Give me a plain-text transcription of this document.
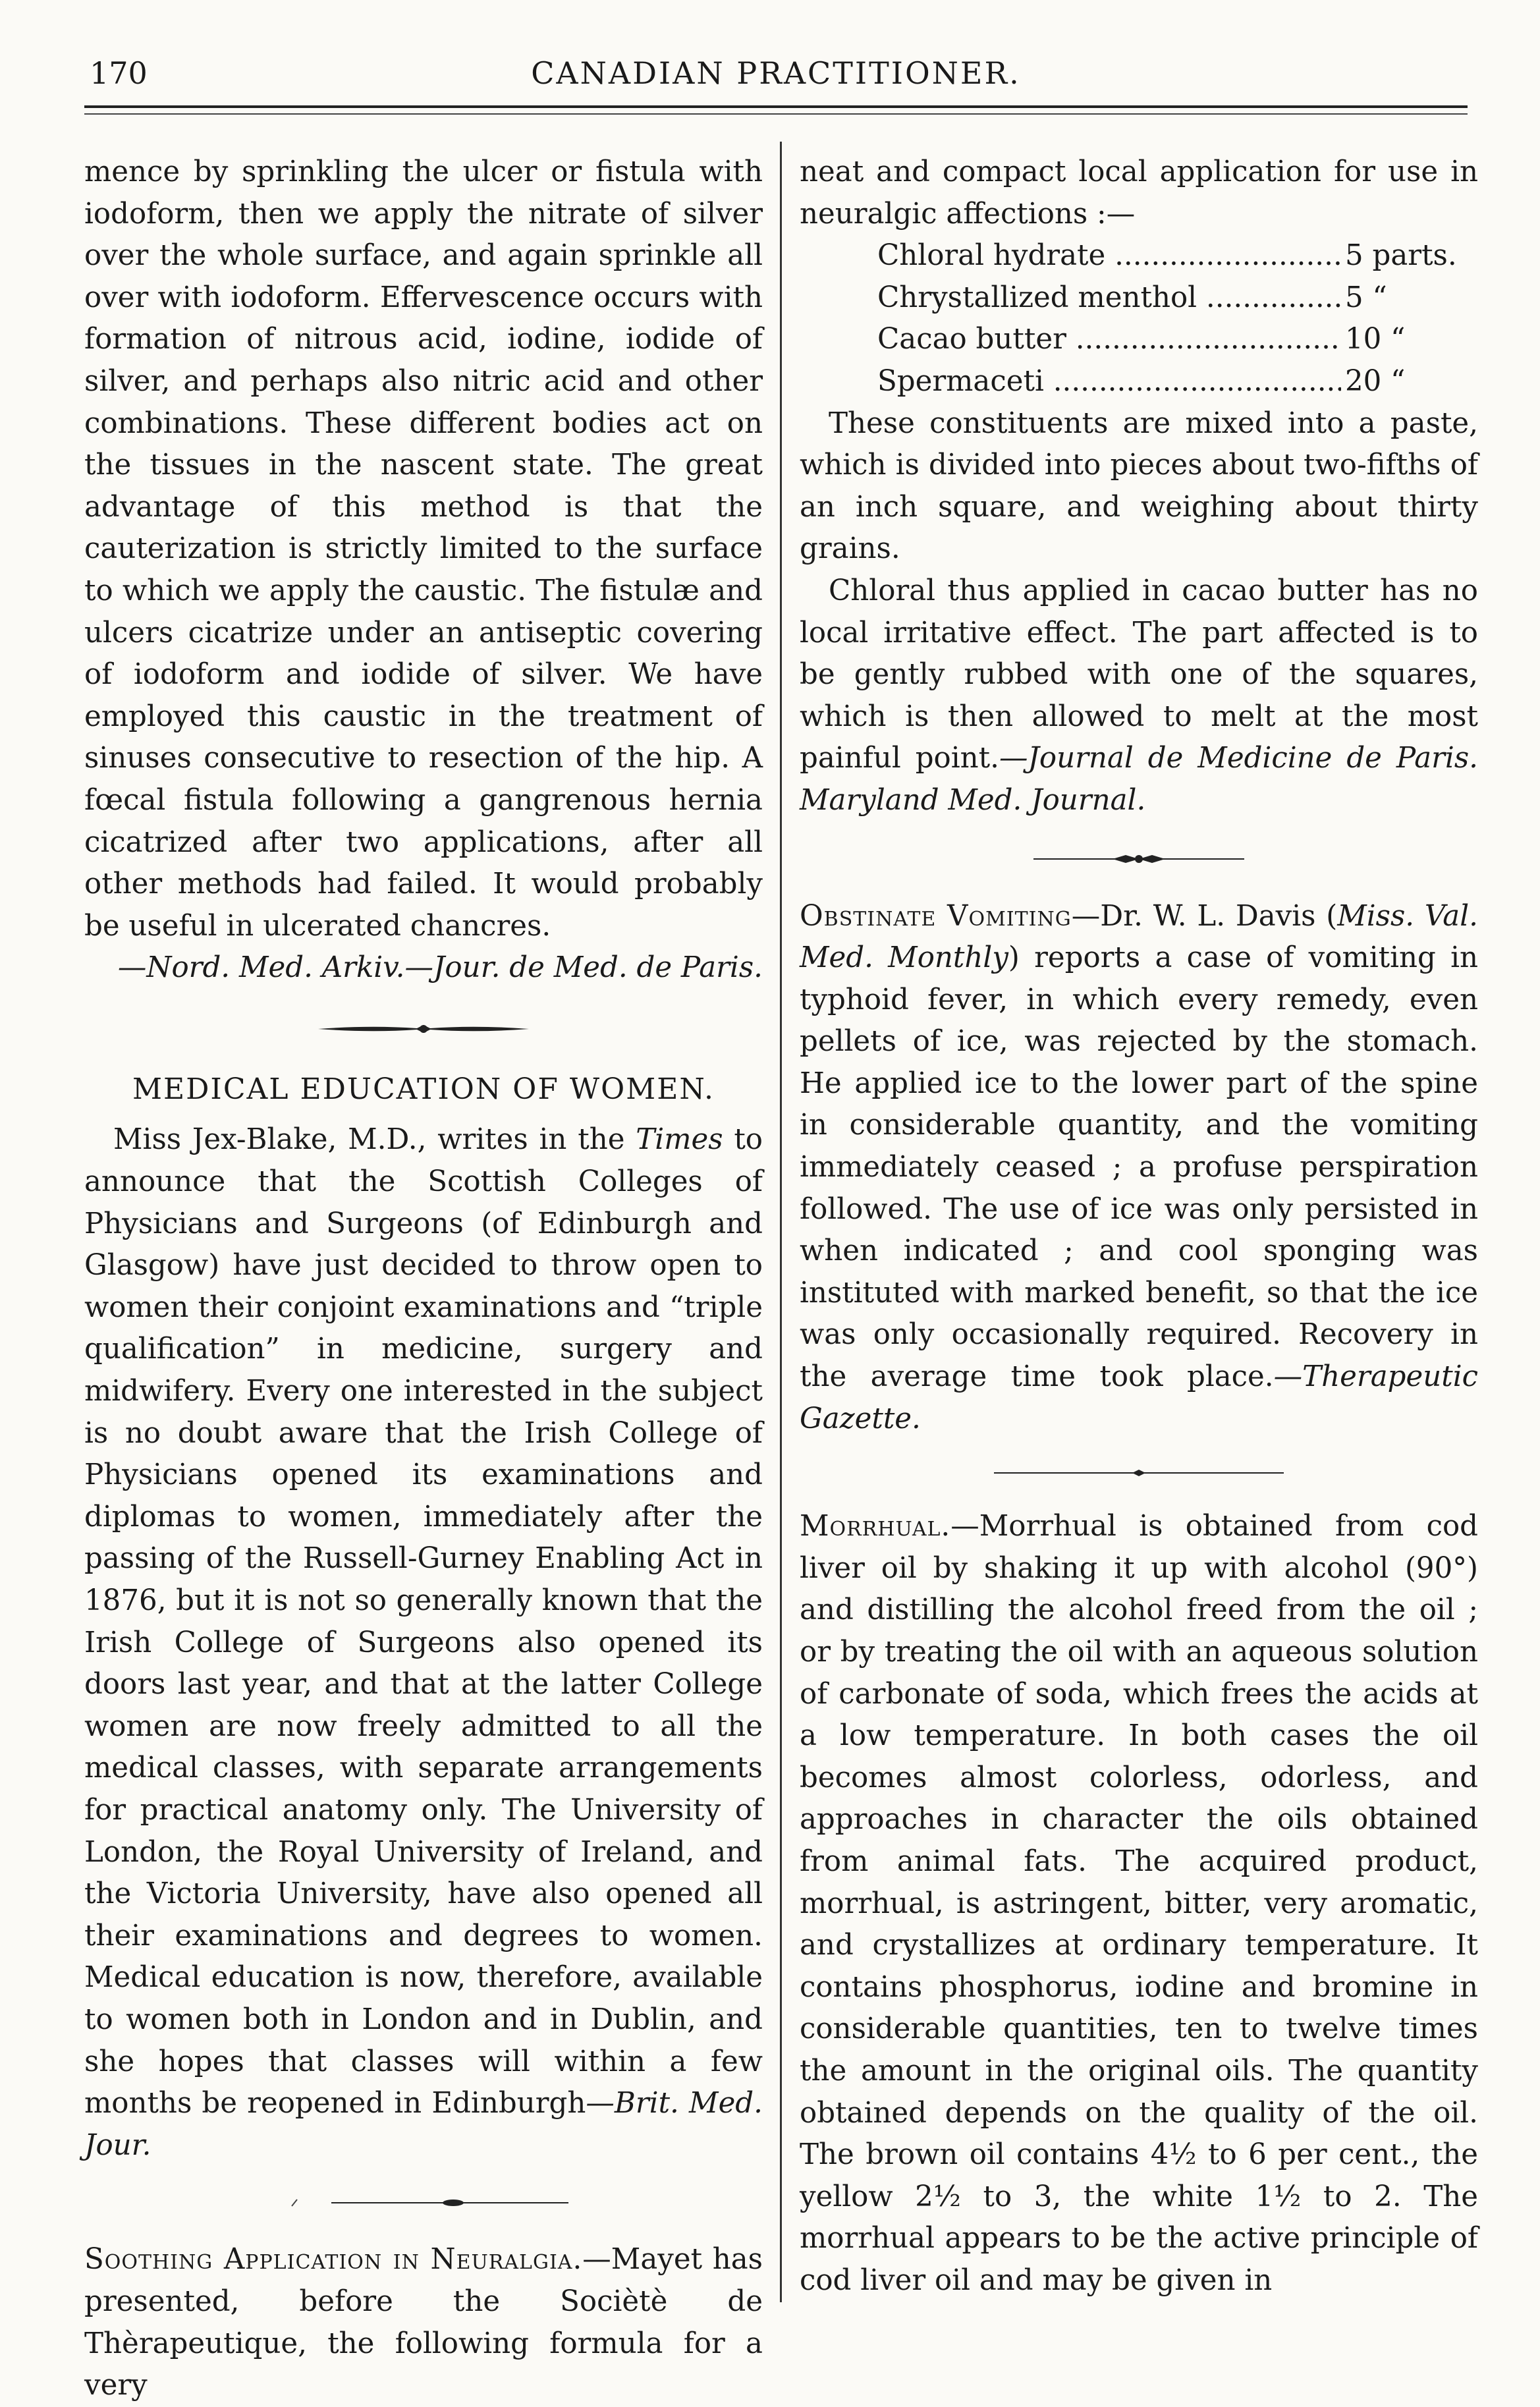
170	CANADIAN PRACTITIONER.

mence by sprinkling the ulcer or fistula with iodoform, then we apply the nitrate of silver over the whole surface, and again sprinkle all over with iodoform. Effervescence occurs with formation of nitrous acid, iodine, iodide of silver, and perhaps also nitric acid and other combinations. These different bodies act on the tissues in the nascent state. The great advantage of this method is that the cauterization is strictly limited to the surface to which we apply the caustic. The fistulæ and ulcers cicatrize under an antiseptic covering of iodoform and iodide of silver. We have employed this caustic in the treatment of sinuses consecutive to resection of the hip. A fœcal fistula following a gangrenous hernia cicatrized after two applications, after all other methods had failed. It would probably be useful in ulcerated chancres.

—Nord. Med. Arkiv.—Jour. de Med. de Paris.

MEDICAL EDUCATION OF WOMEN.

Miss Jex-Blake, M.D., writes in the Times to announce that the Scottish Colleges of Physicians and Surgeons (of Edinburgh and Glasgow) have just decided to throw open to women their conjoint examinations and “triple qualification” in medicine, surgery and midwifery. Every one interested in the subject is no doubt aware that the Irish College of Physicians opened its examinations and diplomas to women, immediately after the passing of the Russell-Gurney Enabling Act in 1876, but it is not so generally known that the Irish College of Surgeons also opened its doors last year, and that at the latter College women are now freely admitted to all the medical classes, with separate arrangements for practical anatomy only. The University of London, the Royal University of Ireland, and the Victoria University, have also opened all their examinations and degrees to women. Medical education is now, therefore, available to women both in London and in Dublin, and she hopes that classes will within a few months be reopened in Edinburgh—Brit. Med. Jour.

Soothing Application in Neuralgia.—Mayet has presented, before the Sociètè de Thèrapeutique, the following formula for a very

neat and compact local application for use in neuralgic affections :—

Chloral hydrate .....	5 parts.
Chrystallized menthol .....	5 “
Cacao butter .....	10 “
Spermaceti .....	20 “

These constituents are mixed into a paste, which is divided into pieces about two-fifths of an inch square, and weighing about thirty grains.

Chloral thus applied in cacao butter has no local irritative effect. The part affected is to be gently rubbed with one of the squares, which is then allowed to melt at the most painful point.—Journal de Medicine de Paris. Maryland Med. Journal.

Obstinate Vomiting—Dr. W. L. Davis (Miss. Val. Med. Monthly) reports a case of vomiting in typhoid fever, in which every remedy, even pellets of ice, was rejected by the stomach. He applied ice to the lower part of the spine in considerable quantity, and the vomiting immediately ceased ; a profuse perspiration followed. The use of ice was only persisted in when indicated ; and cool sponging was instituted with marked benefit, so that the ice was only occasionally required. Recovery in the average time took place.—Therapeutic Gazette.

Morrhual.—Morrhual is obtained from cod liver oil by shaking it up with alcohol (90°) and distilling the alcohol freed from the oil ; or by treating the oil with an aqueous solution of carbonate of soda, which frees the acids at a low temperature. In both cases the oil becomes almost colorless, odorless, and approaches in character the oils obtained from animal fats. The acquired product, morrhual, is astringent, bitter, very aromatic, and crystallizes at ordinary temperature. It contains phosphorus, iodine and bromine in considerable quantities, ten to twelve times the amount in the original oils. The quantity obtained depends on the quality of the oil. The brown oil contains 4½ to 6 per cent., the yellow 2½ to 3, the white 1½ to 2. The morrhual appears to be the active principle of cod liver oil and may be given in
